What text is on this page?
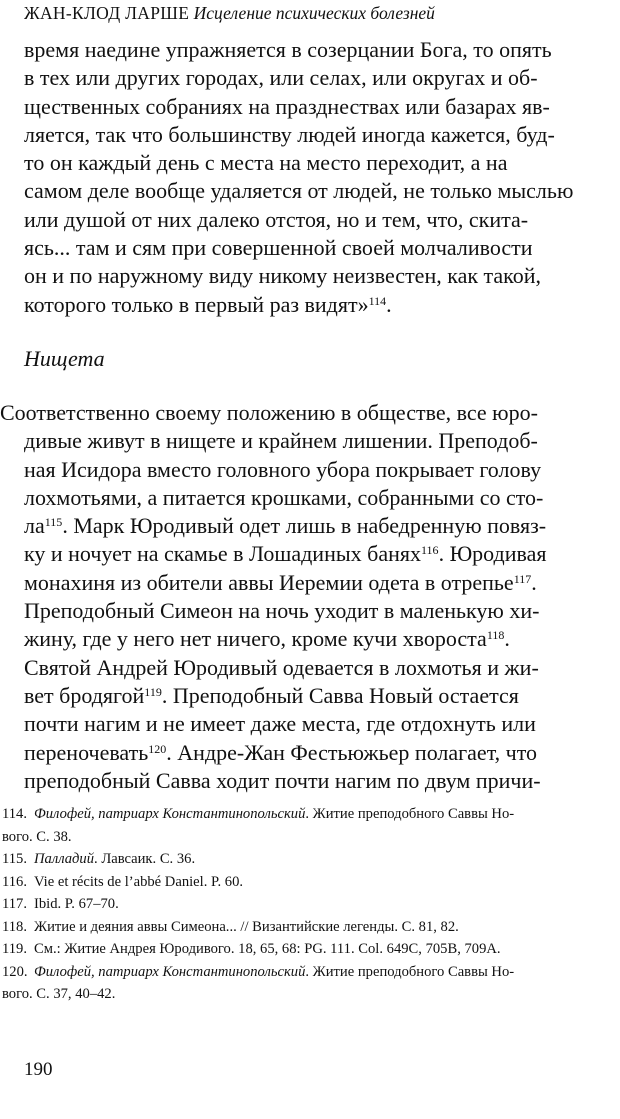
ЖАН-КЛОД ЛАРШЕ Исцеление психических болезней
время наедине упражняется в созерцании Бога, то опять
в тех или других городах, или селах, или округах и об-
щественных собраниях на празднествах или базарах яв-
ляется, так что большинству людей иногда кажется, буд-
то он каждый день с места на место переходит, а на
самом деле вообще удаляется от людей, не только мыслью
или душой от них далеко отстоя, но и тем, что, скита-
ясь... там и сям при совершенной своей молчаливости
он и по наружному виду никому неизвестен, как такой,
которого только в первый раз видят»$^{114}$.
Нищета
Соответственно своему положению в обществе, все юро-
дивые живут в нищете и крайнем лишении. Преподоб-
ная Исидора вместо головного убора покрывает голову
лохмотьями, а питается крошками, собранными со сто-
$ла^{115}$. Марк Юродивый одет лишь в набедренную повяз-
ку и ночует на скамье в Лошадиных банях$^{116}$. Юродивая
монахиня из обители аввы Иеремии одета в отрепье$^{117}$.
Преподобный Симеон на ночь уходит в маленькую хи-
жину, где у него нет ничего, кроме кучи хвороста$^{118}$.
Святой Андрей Юродивый одевается в лохмотья и жи-
вет бродягой$^{119}$. Преподобный Савва Новый остается
почти нагим и не имеет даже места, где отдохнуть или
переночевать$^{120}$. Андре-Жан Фестьюжьер полагает, что
преподобный Савва ходит почти нагим по двум причи-
114. Филофей, патриарх Константинопольский. Житие преподобного Саввы Но-
вого. С. 38.
115. Палладий. Лавсаик. С. 36.
116. Vie et récits de l’abbé Daniel. P. 60.
117. Ibid. P. 67–70.
118. Житие и деяния аввы Симеона... // Византийские легенды. С. 81, 82.
119. См.: Житие Андрея Юродивого. 18, 65, 68: PG. 111. Col. 649C, 705B, 709A.
120. Филофей, патриарх Константинопольский. Житие преподобного Саввы Но-
вого. С. 37, 40–42.
190
